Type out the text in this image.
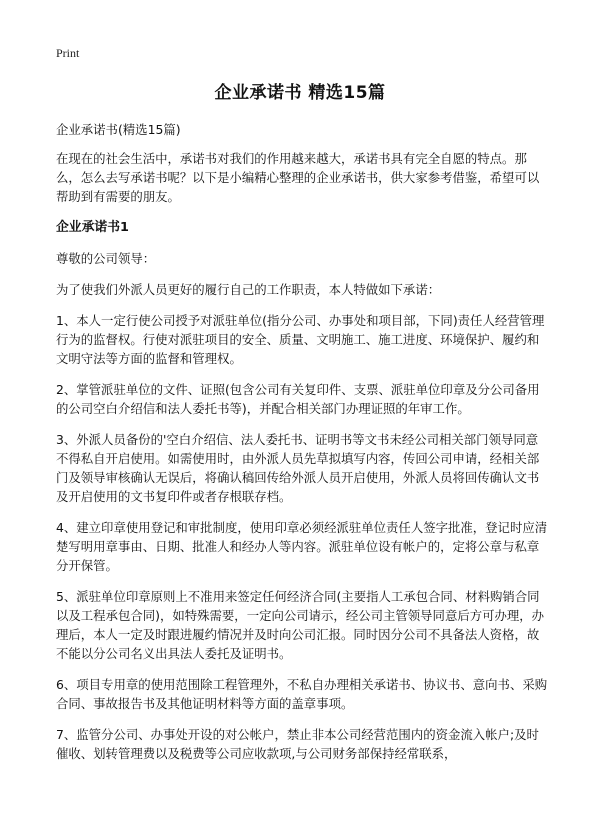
Print
企业承诺书 精选15篇

企业承诺书(精选15篇)

在现在的社会生活中，承诺书对我们的作用越来越大，承诺书具有完全自愿的特点。那么，怎么去写承诺书呢？以下是小编精心整理的企业承诺书，供大家参考借鉴，希望可以帮助到有需要的朋友。

企业承诺书1

尊敬的公司领导：

为了使我们外派人员更好的履行自己的工作职责，本人特做如下承诺：

1、本人一定行使公司授予对派驻单位(指分公司、办事处和项目部，下同)责任人经营管理行为的监督权。行使对派驻项目的安全、质量、文明施工、施工进度、环境保护、履约和文明守法等方面的监督和管理权。

2、掌管派驻单位的文件、证照(包含公司有关复印件、支票、派驻单位印章及分公司备用的公司空白介绍信和法人委托书等)，并配合相关部门办理证照的年审工作。

3、外派人员备份的'空白介绍信、法人委托书、证明书等文书未经公司相关部门领导同意不得私自开启使用。如需使用时，由外派人员先草拟填写内容，传回公司申请，经相关部门及领导审核确认无误后，将确认稿回传给外派人员开启使用，外派人员将回传确认文书及开启使用的文书复印件或者存根联存档。

4、建立印章使用登记和审批制度，使用印章必须经派驻单位责任人签字批准，登记时应清楚写明用章事由、日期、批准人和经办人等内容。派驻单位设有帐户的，定将公章与私章分开保管。

5、派驻单位印章原则上不准用来签定任何经济合同(主要指人工承包合同、材料购销合同以及工程承包合同)，如特殊需要，一定向公司请示，经公司主管领导同意后方可办理，办理后，本人一定及时跟进履约情况并及时向公司汇报。同时因分公司不具备法人资格，故不能以分公司名义出具法人委托及证明书。

6、项目专用章的使用范围除工程管理外，不私自办理相关承诺书、协议书、意向书、采购合同、事故报告书及其他证明材料等方面的盖章事项。

7、监管分公司、办事处开设的对公帐户，禁止非本公司经营范围内的资金流入帐户;及时催收、划转管理费以及税费等公司应收款项,与公司财务部保持经常联系，
